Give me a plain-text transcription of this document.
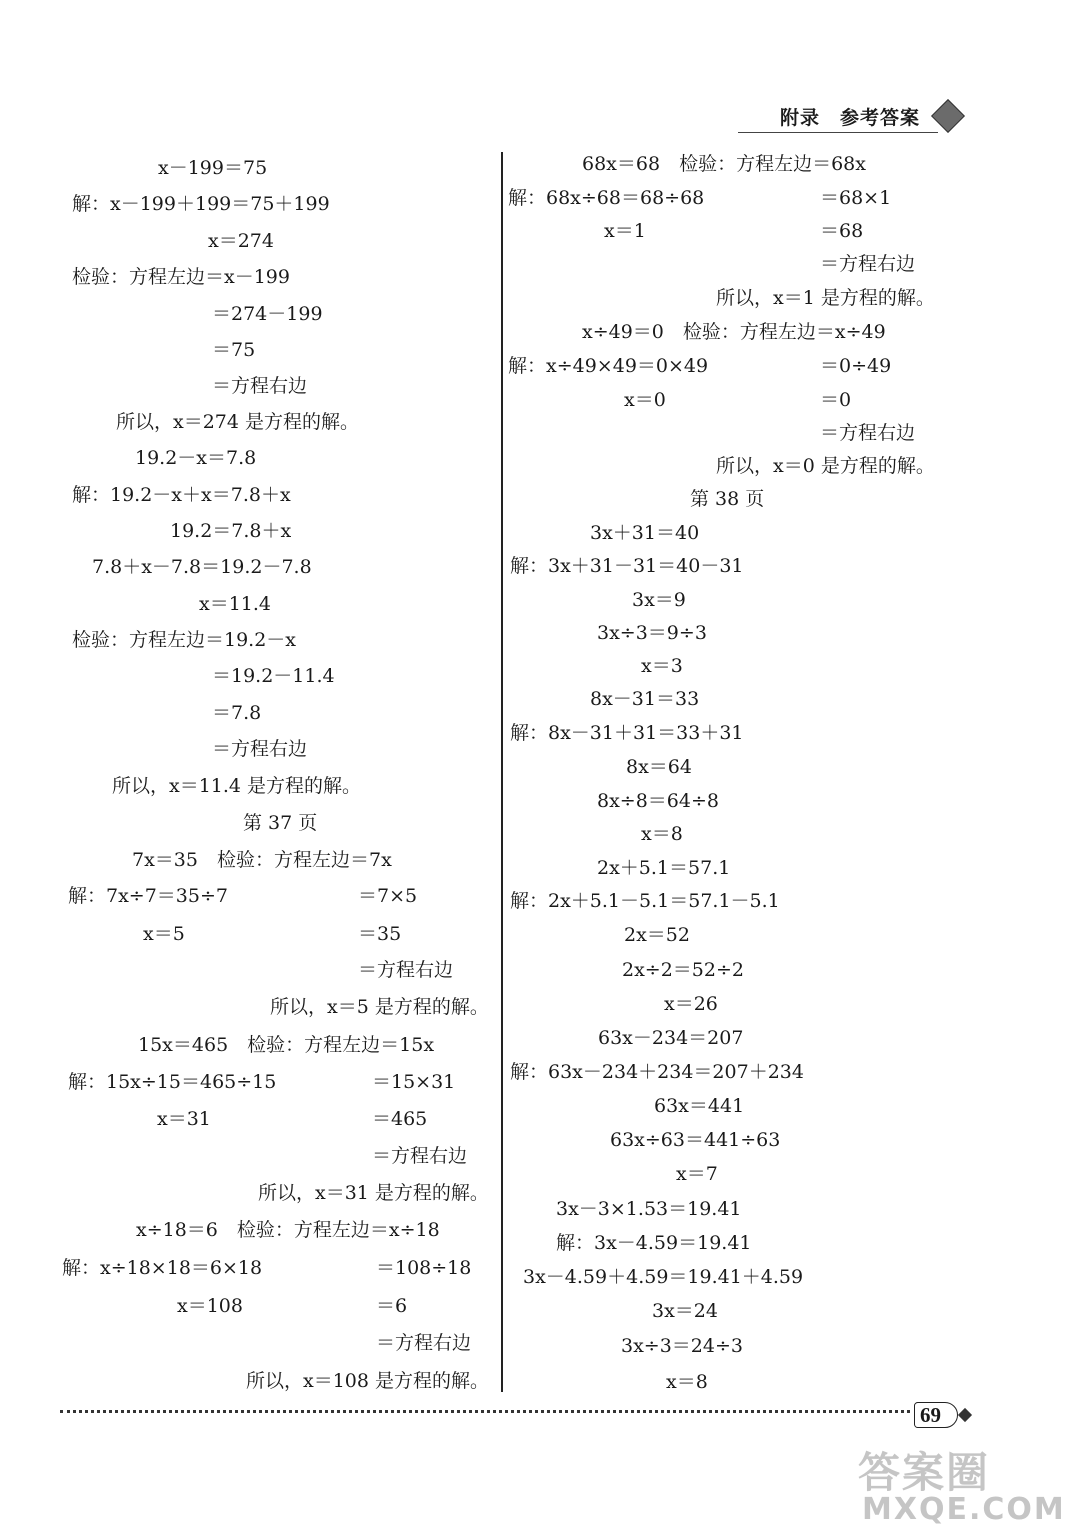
附录　参考答案
x－199＝75
解：x－199＋199＝75＋199
x＝274
检验：方程左边＝x－199
＝274－199
＝75
＝方程右边
所以，x＝274 是方程的解。
19.2－x＝7.8
解：19.2－x＋x＝7.8＋x
19.2＝7.8＋x
7.8＋x－7.8＝19.2－7.8
x＝11.4
检验：方程左边＝19.2－x
＝19.2－11.4
＝7.8
＝方程右边
所以，x＝11.4 是方程的解。
第 37 页
7x＝35　检验：方程左边＝7x
解：7x÷7＝35÷7	＝7×5
x＝5	＝35
＝方程右边
所以，x＝5 是方程的解。
15x＝465　检验：方程左边＝15x
解：15x÷15＝465÷15	＝15×31
x＝31	＝465
＝方程右边
所以，x＝31 是方程的解。
x÷18＝6　检验：方程左边＝x÷18
解：x÷18×18＝6×18	＝108÷18
x＝108	＝6
＝方程右边
所以，x＝108 是方程的解。
68x＝68　检验：方程左边＝68x
解：68x÷68＝68÷68	＝68×1
x＝1	＝68
＝方程右边
所以，x＝1 是方程的解。
x÷49＝0　检验：方程左边＝x÷49
解：x÷49×49＝0×49	＝0÷49
x＝0	＝0
＝方程右边
所以，x＝0 是方程的解。
第 38 页
3x＋31＝40
解：3x＋31－31＝40－31
3x＝9
3x÷3＝9÷3
x＝3
8x－31＝33
解：8x－31＋31＝33＋31
8x＝64
8x÷8＝64÷8
x＝8
2x＋5.1＝57.1
解：2x＋5.1－5.1＝57.1－5.1
2x＝52
2x÷2＝52÷2
x＝26
63x－234＝207
解：63x－234＋234＝207＋234
63x＝441
63x÷63＝441÷63
x＝7
3x－3×1.53＝19.41
解：3x－4.59＝19.41
3x－4.59＋4.59＝19.41＋4.59
3x＝24
3x÷3＝24÷3
x＝8
69
答案圈
MXQE.COM
